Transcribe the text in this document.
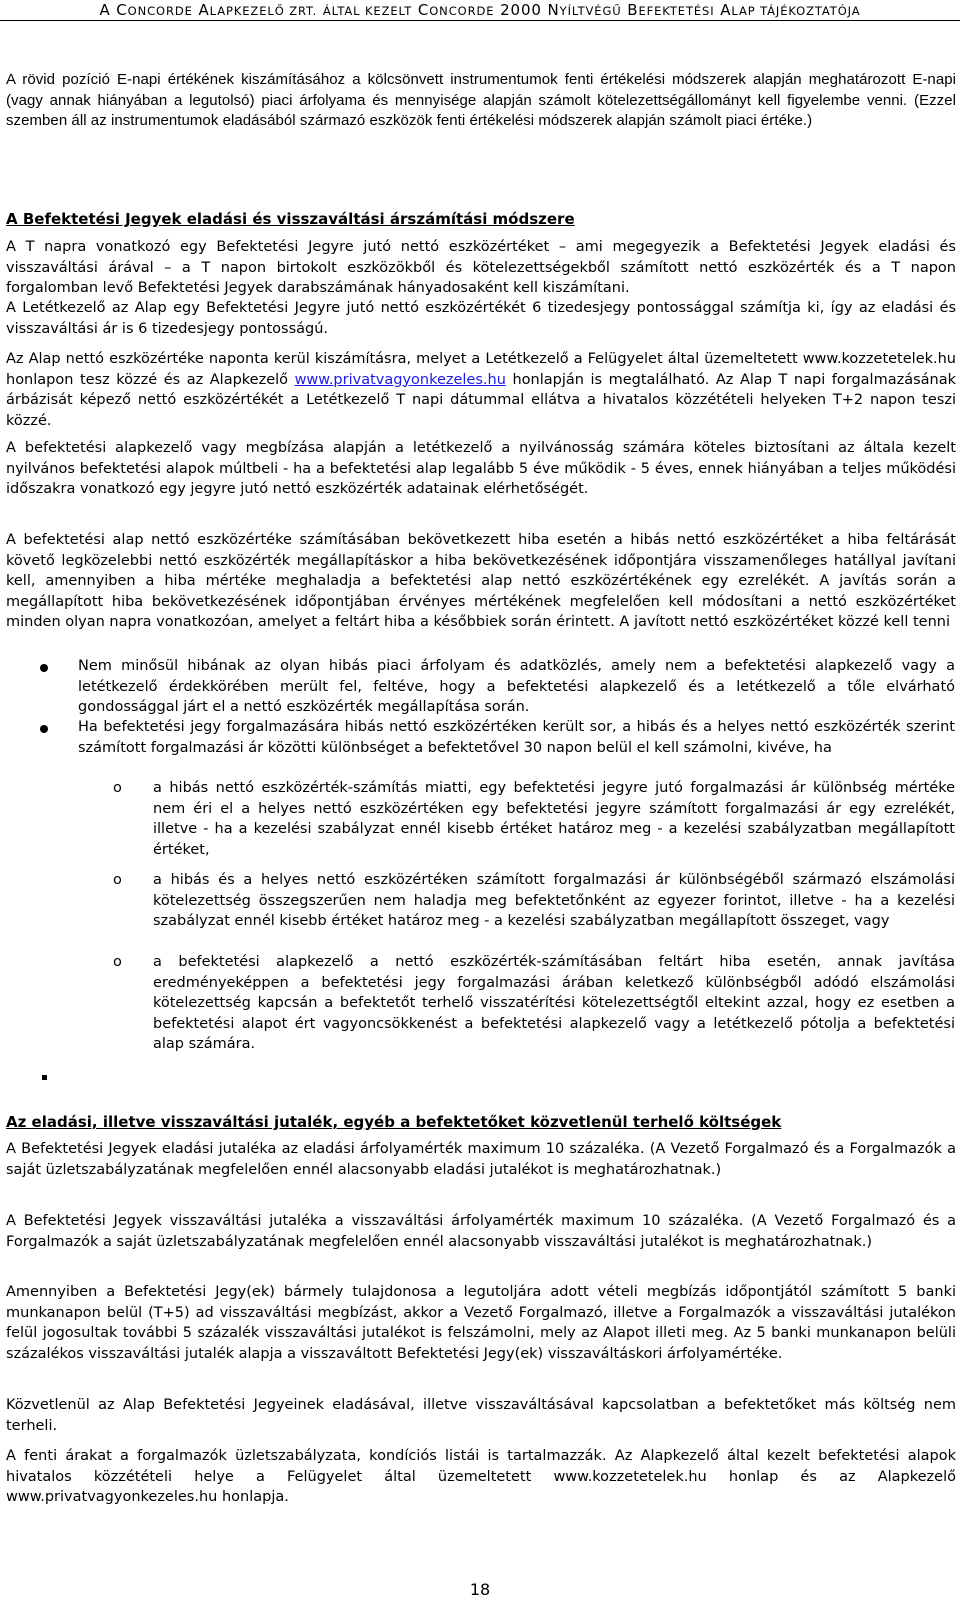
A CONCORDE ALAPKEZELŐ ZRT. ÁLTAL KEZELT CONCORDE 2000 NYÍLTVÉGŰ BEFEKTETÉSI ALAP TÁJÉKOZTATÓJA

A rövid pozíció E-napi értékének kiszámításához a kölcsönvett instrumentumok fenti értékelési módszerek alapján meghatározott E-napi (vagy annak hiányában a legutolsó) piaci árfolyama és mennyisége alapján számolt kötelezettségállományt kell figyelembe venni. (Ezzel szemben áll az instrumentumok eladásából származó eszközök fenti értékelési módszerek alapján számolt piaci értéke.)

A Befektetési Jegyek eladási és visszaváltási árszámítási módszere

A T napra vonatkozó egy Befektetési Jegyre jutó nettó eszközértéket – ami megegyezik a Befektetési Jegyek eladási és visszaváltási árával – a T napon birtokolt eszközökből és kötelezettségekből számított nettó eszközérték és a T napon forgalomban levő Befektetési Jegyek darabszámának hányadosaként kell kiszámítani.

A Letétkezelő az Alap egy Befektetési Jegyre jutó nettó eszközértékét 6 tizedesjegy pontossággal számítja ki, így az eladási és visszaváltási ár is 6 tizedesjegy pontosságú.

Az Alap nettó eszközértéke naponta kerül kiszámításra, melyet a Letétkezelő a Felügyelet által üzemeltetett www.kozzetetelek.hu honlapon tesz közzé és az Alapkezelő www.privatvagyonkezeles.hu honlapján is megtalálható. Az Alap T napi forgalmazásának árbázisát képező nettó eszközértékét a Letétkezelő T napi dátummal ellátva a hivatalos közzétételi helyeken T+2 napon teszi közzé.

A befektetési alapkezelő vagy megbízása alapján a letétkezelő a nyilvánosság számára köteles biztosítani az általa kezelt nyilvános befektetési alapok múltbeli - ha a befektetési alap legalább 5 éve működik - 5 éves, ennek hiányában a teljes működési időszakra vonatkozó egy jegyre jutó nettó eszközérték adatainak elérhetőségét.

A befektetési alap nettó eszközértéke számításában bekövetkezett hiba esetén a hibás nettó eszközértéket a hiba feltárását követő legközelebbi nettó eszközérték megállapításkor a hiba bekövetkezésének időpontjára visszamenőleges hatállyal javítani kell, amennyiben a hiba mértéke meghaladja a befektetési alap nettó eszközértékének egy ezrelékét. A javítás során a megállapított hiba bekövetkezésének időpontjában érvényes mértékének megfelelően kell módosítani a nettó eszközértéket minden olyan napra vonatkozóan, amelyet a feltárt hiba a későbbiek során érintett. A javított nettó eszközértéket közzé kell tenni

Nem minősül hibának az olyan hibás piaci árfolyam és adatközlés, amely nem a befektetési alapkezelő vagy a letétkezelő érdekkörében merült fel, feltéve, hogy a befektetési alapkezelő és a letétkezelő a tőle elvárható gondossággal járt el a nettó eszközérték megállapítása során.

Ha befektetési jegy forgalmazására hibás nettó eszközértéken került sor, a hibás és a helyes nettó eszközérték szerint számított forgalmazási ár közötti különbséget a befektetővel 30 napon belül el kell számolni, kivéve, ha

o a hibás nettó eszközérték-számítás miatti, egy befektetési jegyre jutó forgalmazási ár különbség mértéke nem éri el a helyes nettó eszközértéken egy befektetési jegyre számított forgalmazási ár egy ezrelékét, illetve - ha a kezelési szabályzat ennél kisebb értéket határoz meg - a kezelési szabályzatban megállapított értéket,

o a hibás és a helyes nettó eszközértéken számított forgalmazási ár különbségéből származó elszámolási kötelezettség összegszerűen nem haladja meg befektetőnként az egyezer forintot, illetve - ha a kezelési szabályzat ennél kisebb értéket határoz meg - a kezelési szabályzatban megállapított összeget, vagy

o a befektetési alapkezelő a nettó eszközérték-számításában feltárt hiba esetén, annak javítása eredményeképpen a befektetési jegy forgalmazási árában keletkező különbségből adódó elszámolási kötelezettség kapcsán a befektetőt terhelő visszatérítési kötelezettségtől eltekint azzal, hogy ez esetben a befektetési alapot ért vagyoncsökkenést a befektetési alapkezelő vagy a letétkezelő pótolja a befektetési alap számára.

Az eladási, illetve visszaváltási jutalék, egyéb a befektetőket közvetlenül terhelő költségek

A Befektetési Jegyek eladási jutaléka az eladási árfolyamérték maximum 10 százaléka. (A Vezető Forgalmazó és a Forgalmazók a saját üzletszabályzatának megfelelően ennél alacsonyabb eladási jutalékot is meghatározhatnak.)

A Befektetési Jegyek visszaváltási jutaléka a visszaváltási árfolyamérték maximum 10 százaléka. (A Vezető Forgalmazó és a Forgalmazók a saját üzletszabályzatának megfelelően ennél alacsonyabb visszaváltási jutalékot is meghatározhatnak.)

Amennyiben a Befektetési Jegy(ek) bármely tulajdonosa a legutoljára adott vételi megbízás időpontjától számított 5 banki munkanapon belül (T+5) ad visszaváltási megbízást, akkor a Vezető Forgalmazó, illetve a Forgalmazók a visszaváltási jutalékon felül jogosultak további 5 százalék visszaváltási jutalékot is felszámolni, mely az Alapot illeti meg. Az 5 banki munkanapon belüli százalékos visszaváltási jutalék alapja a visszaváltott Befektetési Jegy(ek) visszaváltáskori árfolyamértéke.

Közvetlenül az Alap Befektetési Jegyeinek eladásával, illetve visszaváltásával kapcsolatban a befektetőket más költség nem terheli.

A fenti árakat a forgalmazók üzletszabályzata, kondíciós listái is tartalmazzák. Az Alapkezelő által kezelt befektetési alapok hivatalos közzétételi helye a Felügyelet által üzemeltetett www.kozzetetelek.hu honlap és az Alapkezelő www.privatvagyonkezeles.hu honlapja.

18
